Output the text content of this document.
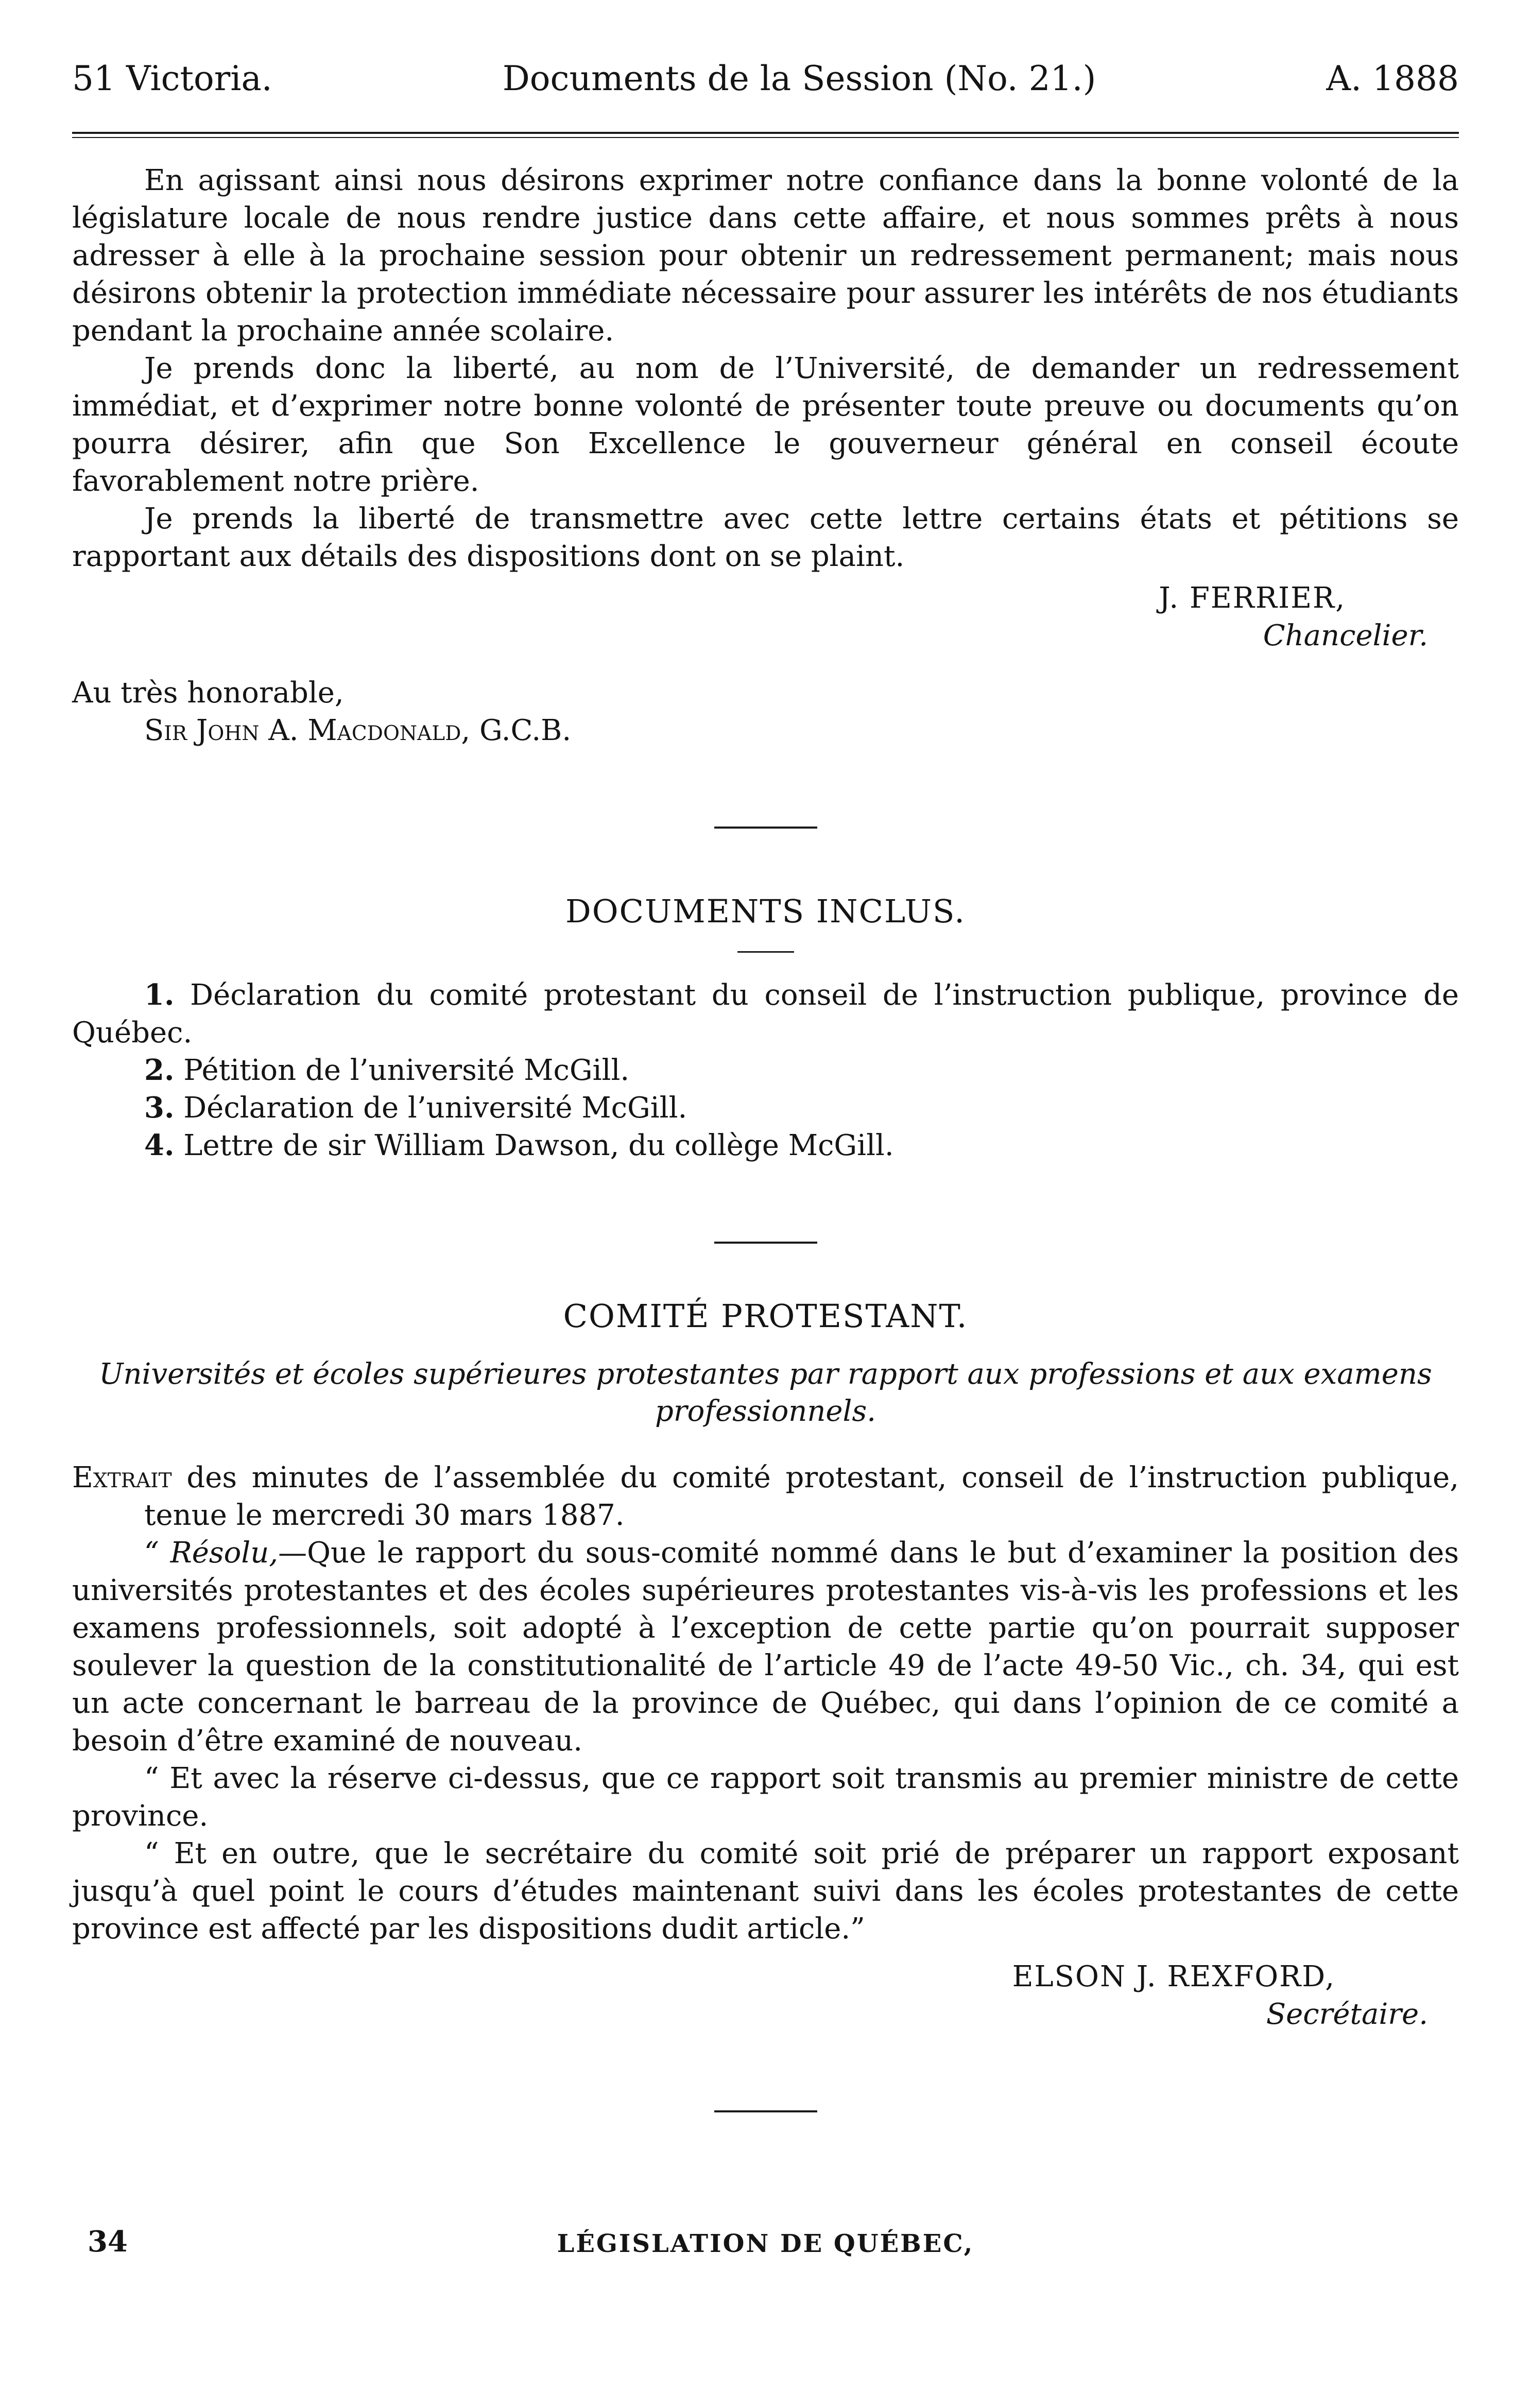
51 Victoria.	Documents de la Session (No. 21.)	A. 1888

En agissant ainsi nous désirons exprimer notre confiance dans la bonne volonté de la législature locale de nous rendre justice dans cette affaire, et nous sommes prêts à nous adresser à elle à la prochaine session pour obtenir un redressement permanent; mais nous désirons obtenir la protection immédiate nécessaire pour assurer les intérêts de nos étudiants pendant la prochaine année scolaire.

Je prends donc la liberté, au nom de l’Université, de demander un redressement immédiat, et d’exprimer notre bonne volonté de présenter toute preuve ou documents qu’on pourra désirer, afin que Son Excellence le gouverneur général en conseil écoute favorablement notre prière.

Je prends la liberté de transmettre avec cette lettre certains états et pétitions se rapportant aux détails des dispositions dont on se plaint.

J. FERRIER,
Chancelier.
Au très honorable,
Sir John A. Macdonald, G.C.B.
DOCUMENTS INCLUS.
1. Déclaration du comité protestant du conseil de l’instruction publique, province de Québec.
2. Pétition de l’université McGill.
3. Déclaration de l’université McGill.
4. Lettre de sir William Dawson, du collège McGill.
COMITÉ PROTESTANT.
Universités et écoles supérieures protestantes par rapport aux professions et aux examens professionnels.

Extrait des minutes de l’assemblée du comité protestant, conseil de l’instruction publique, tenue le mercredi 30 mars 1887.

“ Résolu,—Que le rapport du sous-comité nommé dans le but d’examiner la position des universités protestantes et des écoles supérieures protestantes vis-à-vis les professions et les examens professionnels, soit adopté à l’exception de cette partie qu’on pourrait supposer soulever la question de la constitutionalité de l’article 49 de l’acte 49-50 Vic., ch. 34, qui est un acte concernant le barreau de la province de Québec, qui dans l’opinion de ce comité a besoin d’être examiné de nouveau.

“ Et avec la réserve ci-dessus, que ce rapport soit transmis au premier ministre de cette province.

“ Et en outre, que le secrétaire du comité soit prié de préparer un rapport exposant jusqu’à quel point le cours d’études maintenant suivi dans les écoles protestantes de cette province est affecté par les dispositions dudit article.”

ELSON J. REXFORD,
Secrétaire.
34	LÉGISLATION DE QUÉBEC,
